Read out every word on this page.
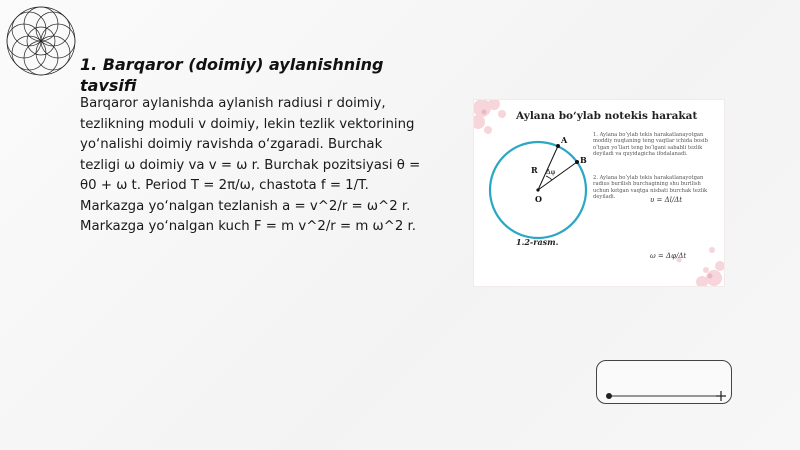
1. Barqaror (doimiy) aylanishning tavsifi
Barqaror aylanishda aylanish radiusi r doimiy, tezlikning moduli v doimiy, lekin tezlik vektorining yo‘nalishi doimiy ravishda o‘zgaradi. Burchak tezligi ω doimiy va v = ω r. Burchak pozitsiyasi θ = θ0 + ω t. Period T = 2π/ω, chastota f = 1/T. Markazga yo‘nalgan tezlanish a = v^2/r = ω^2 r. Markazga yo‘nalgan kuch F = m v^2/r = m ω^2 r.
Aylana bo‘ylab notekis harakat
A
B
R
O
Δφ
1.2-rasm.
1. Aylana bo‘ylab tekis harakatlanayotgan moddiy nuqtaning teng vaqtlar ichida bosib o‘tgan yo‘llari teng bo‘lgani sababli tezlik deyiladi va quyidagicha ifodalanadi.
2. Aylana bo‘ylab tekis harakatlanayotgan radius burilish burchagining shu burilish uchun ketgan vaqtga nisbati burchak tezlik deyiladi.	υ = Δl/Δt
ω = Δφ/Δt
